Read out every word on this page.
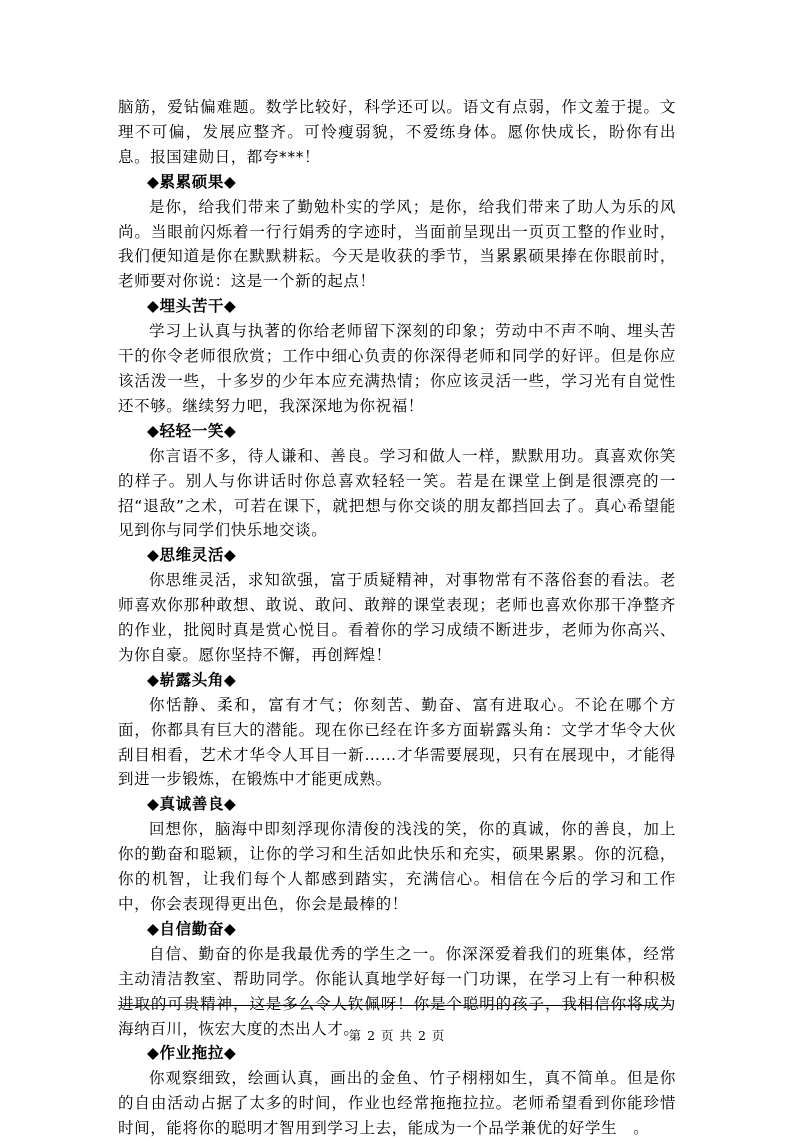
脑筋，爱钻偏难题。数学比较好，科学还可以。语文有点弱，作文羞于提。文理不可偏，发展应整齐。可怜瘦弱貌，不爱练身体。愿你快成长，盼你有出息。报国建勋日，都夸***！

◆累累硕果◆

是你，给我们带来了勤勉朴实的学风；是你，给我们带来了助人为乐的风尚。当眼前闪烁着一行行娟秀的字迹时，当面前呈现出一页页工整的作业时，我们便知道是你在默默耕耘。今天是收获的季节，当累累硕果捧在你眼前时，老师要对你说：这是一个新的起点！

◆埋头苦干◆

学习上认真与执著的你给老师留下深刻的印象；劳动中不声不响、埋头苦干的你令老师很欣赏；工作中细心负责的你深得老师和同学的好评。但是你应该活泼一些，十多岁的少年本应充满热情；你应该灵活一些，学习光有自觉性还不够。继续努力吧，我深深地为你祝福！

◆轻轻一笑◆

你言语不多，待人谦和、善良。学习和做人一样，默默用功。真喜欢你笑的样子。别人与你讲话时你总喜欢轻轻一笑。若是在课堂上倒是很漂亮的一招“退敌”之术，可若在课下，就把想与你交谈的朋友都挡回去了。真心希望能见到你与同学们快乐地交谈。

◆思维灵活◆

你思维灵活，求知欲强，富于质疑精神，对事物常有不落俗套的看法。老师喜欢你那种敢想、敢说、敢问、敢辩的课堂表现；老师也喜欢你那干净整齐的作业，批阅时真是赏心悦目。看着你的学习成绩不断进步，老师为你高兴、为你自豪。愿你坚持不懈，再创辉煌！

◆崭露头角◆

你恬静、柔和，富有才气；你刻苦、勤奋、富有进取心。不论在哪个方面，你都具有巨大的潜能。现在你已经在许多方面崭露头角：文学才华令大伙刮目相看，艺术才华令人耳目一新……才华需要展现，只有在展现中，才能得到进一步锻炼，在锻炼中才能更成熟。

◆真诚善良◆

回想你，脑海中即刻浮现你清俊的浅浅的笑，你的真诚，你的善良，加上你的勤奋和聪颖，让你的学习和生活如此快乐和充实，硕果累累。你的沉稳，你的机智，让我们每个人都感到踏实，充满信心。相信在今后的学习和工作中，你会表现得更出色，你会是最棒的！

◆自信勤奋◆

自信、勤奋的你是我最优秀的学生之一。你深深爱着我们的班集体，经常主动清洁教室、帮助同学。你能认真地学好每一门功课，在学习上有一种积极进取的可贵精神，这是多么令人钦佩呀！你是个聪明的孩子，我相信你将成为海纳百川，恢宏大度的杰出人才。

◆作业拖拉◆

你观察细致，绘画认真，画出的金鱼、竹子栩栩如生，真不简单。但是你的自由活动占据了太多的时间，作业也经常拖拖拉拉。老师希望看到你能珍惜时间，能将你的聪明才智用到学习上去，能成为一个品学兼优的好学生　。

第 2 页 共 2 页
